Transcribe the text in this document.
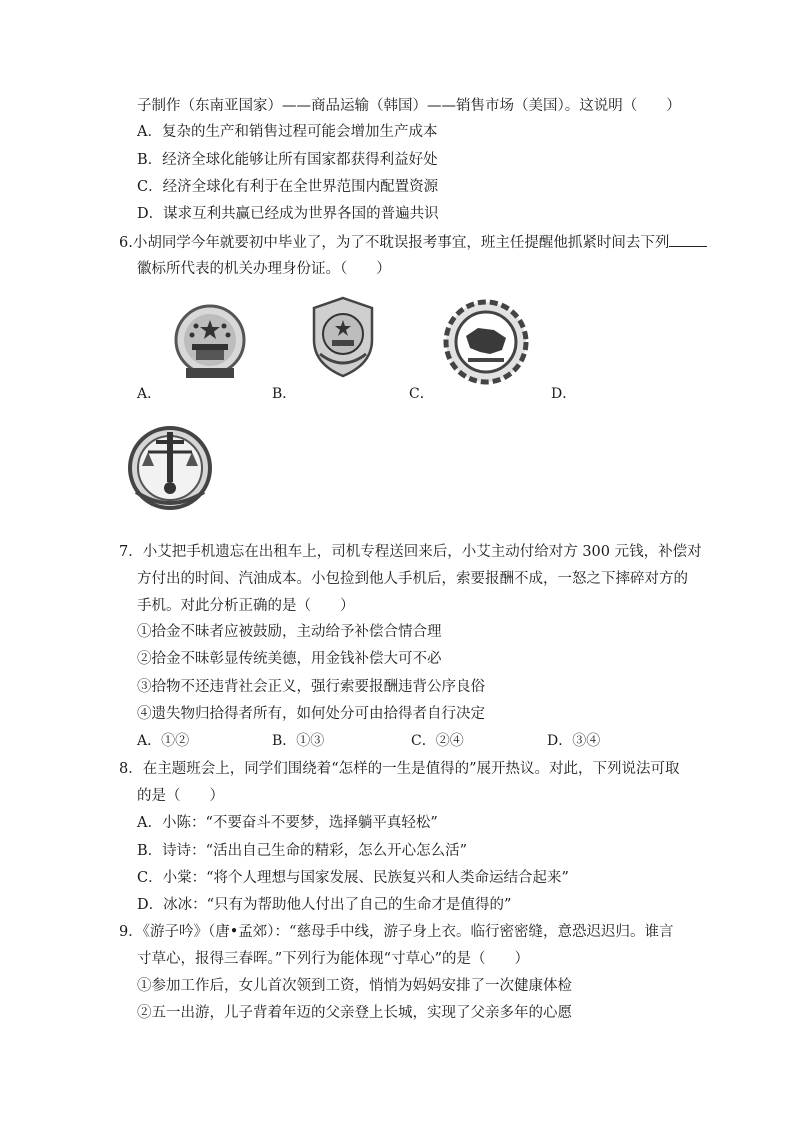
子制作（东南亚国家）——商品运输（韩国）——销售市场（美国）。这说明（　　）
A．复杂的生产和销售过程可能会增加生产成本
B．经济全球化能够让所有国家都获得利益好处
C．经济全球化有利于在全世界范围内配置资源
D．谋求互利共赢已经成为世界各国的普遍共识
6.小胡同学今年就要初中毕业了，为了不耽误报考事宜，班主任提醒他抓紧时间去下列
徽标所代表的机关办理身份证。（　　）
A．	B．	C．	D．
7．小艾把手机遗忘在出租车上，司机专程送回来后，小艾主动付给对方 300 元钱，补偿对
方付出的时间、汽油成本。小包捡到他人手机后，索要报酬不成，一怒之下摔碎对方的
手机。对此分析正确的是（　　）
①拾金不昧者应被鼓励，主动给予补偿合情合理
②拾金不昧彰显传统美德，用金钱补偿大可不必
③拾物不还违背社会正义，强行索要报酬违背公序良俗
④遗失物归拾得者所有，如何处分可由拾得者自行决定
A．①②	B．①③	C．②④	D．③④
8．在主题班会上，同学们围绕着“怎样的一生是值得的”展开热议。对此，下列说法可取
的是（　　）
A．小陈：“不要奋斗不要梦，选择躺平真轻松”
B．诗诗：“活出自己生命的精彩，怎么开心怎么活”
C．小棠：“将个人理想与国家发展、民族复兴和人类命运结合起来”
D．冰冰：“只有为帮助他人付出了自己的生命才是值得的”
9．《游子吟》（唐•孟郊）：“慈母手中线，游子身上衣。临行密密缝，意恐迟迟归。谁言
寸草心，报得三春晖。”下列行为能体现“寸草心”的是（　　）
①参加工作后，女儿首次领到工资，悄悄为妈妈安排了一次健康体检
②五一出游，儿子背着年迈的父亲登上长城，实现了父亲多年的心愿
